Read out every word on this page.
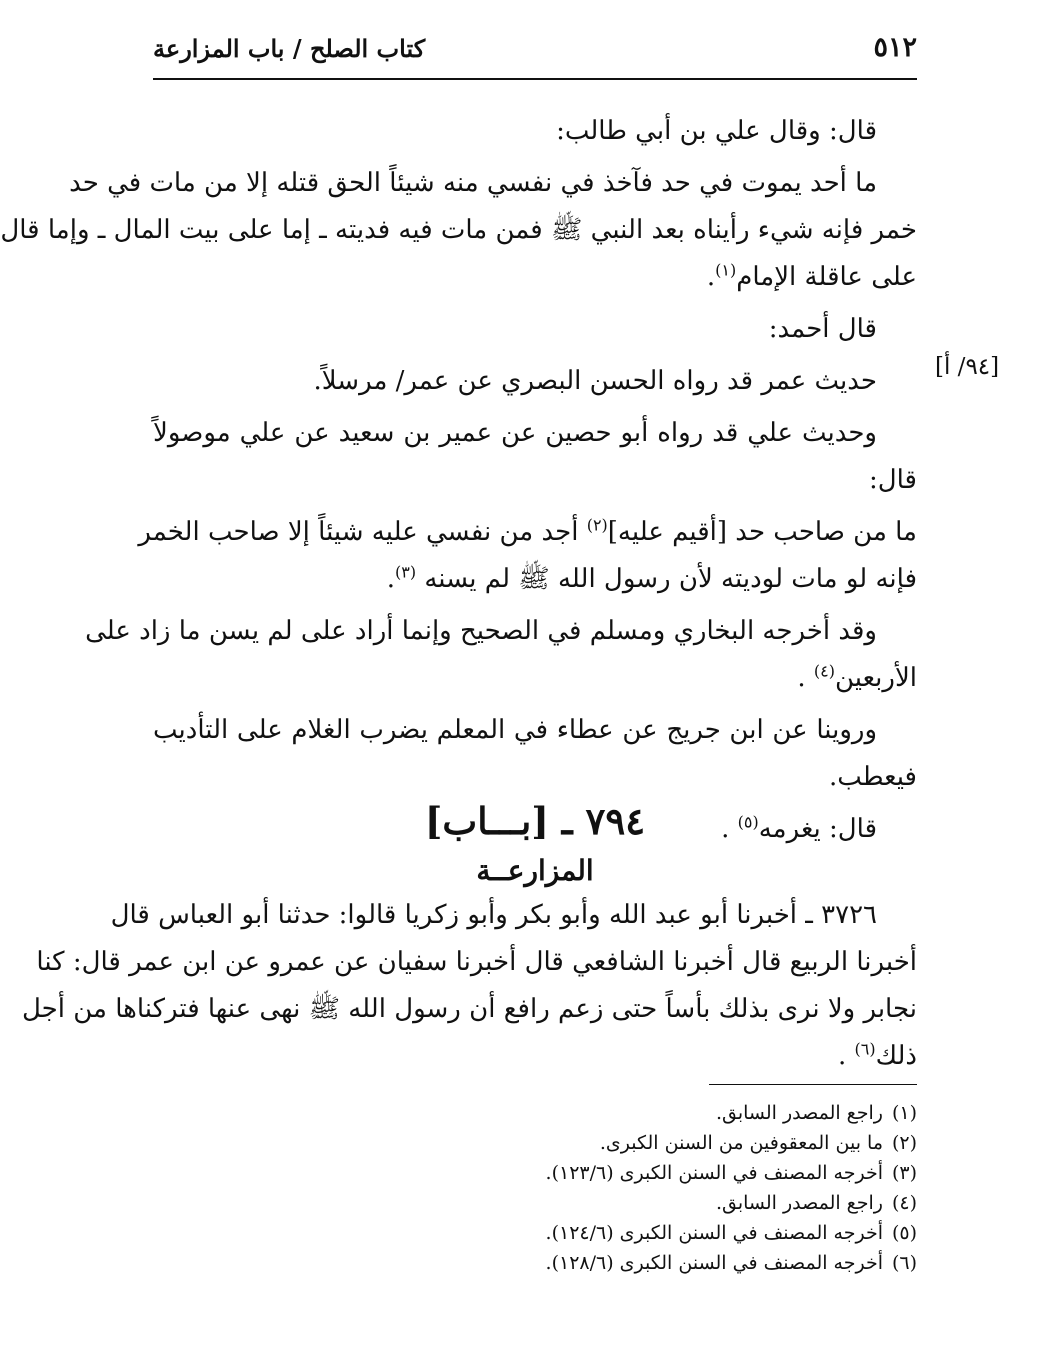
٥١٢
كتاب الصلح / باب المزارعة
[٩٤/ أ]

قال: وقال علي بن أبي طالب:

ما أحد يموت في حد فآخذ في نفسي منه شيئاً الحق قتله إلا من مات في حد
خمر فإنه شيء رأيناه بعد النبي ﷺ فمن مات فيه فديته ـ إما على بيت المال ـ وإما قال
على عاقلة الإمام$^{(١)}$.

قال أحمد:

حديث عمر قد رواه الحسن البصري عن عمر/ مرسلاً.

وحديث علي قد رواه أبو حصين عن عمير بن سعيد عن علي موصولاً قال:

ما من صاحب حد [أقيم عليه]$^{(٢)}$ أجد من نفسي عليه شيئاً إلا صاحب الخمر
فإنه لو مات لوديته لأن رسول الله ﷺ لم يسنه $^{(٣)}$.
وقد أخرجه البخاري ومسلم في الصحيح وإنما أراد على لم يسن ما زاد على
الأربعين$^{(٤)}$ .
وروينا عن ابن جريج عن عطاء في المعلم يضرب الغلام على التأديب
فيعطب.

قال: يغرمه$^{(٥)}$ .

٧٩٤ ـ [بـــاب]
المزارعــة
٣٧٢٦ ـ أخبرنا أبو عبد الله وأبو بكر وأبو زكريا قالوا: حدثنا أبو العباس قال
أخبرنا الربيع قال أخبرنا الشافعي قال أخبرنا سفيان عن عمرو عن ابن عمر قال: كنا
نجابر ولا نرى بذلك بأساً حتى زعم رافع أن رسول الله ﷺ نهى عنها فتركناها من أجل
ذلك$^{(٦)}$ .
(١)راجع المصدر السابق.
(٢)ما بين المعقوفين من السنن الكبرى.
(٣)أخرجه المصنف في السنن الكبرى (١٢٣/٦).
(٤)راجع المصدر السابق.
(٥)أخرجه المصنف في السنن الكبرى (١٢٤/٦).
(٦)أخرجه المصنف في السنن الكبرى (١٢٨/٦).
